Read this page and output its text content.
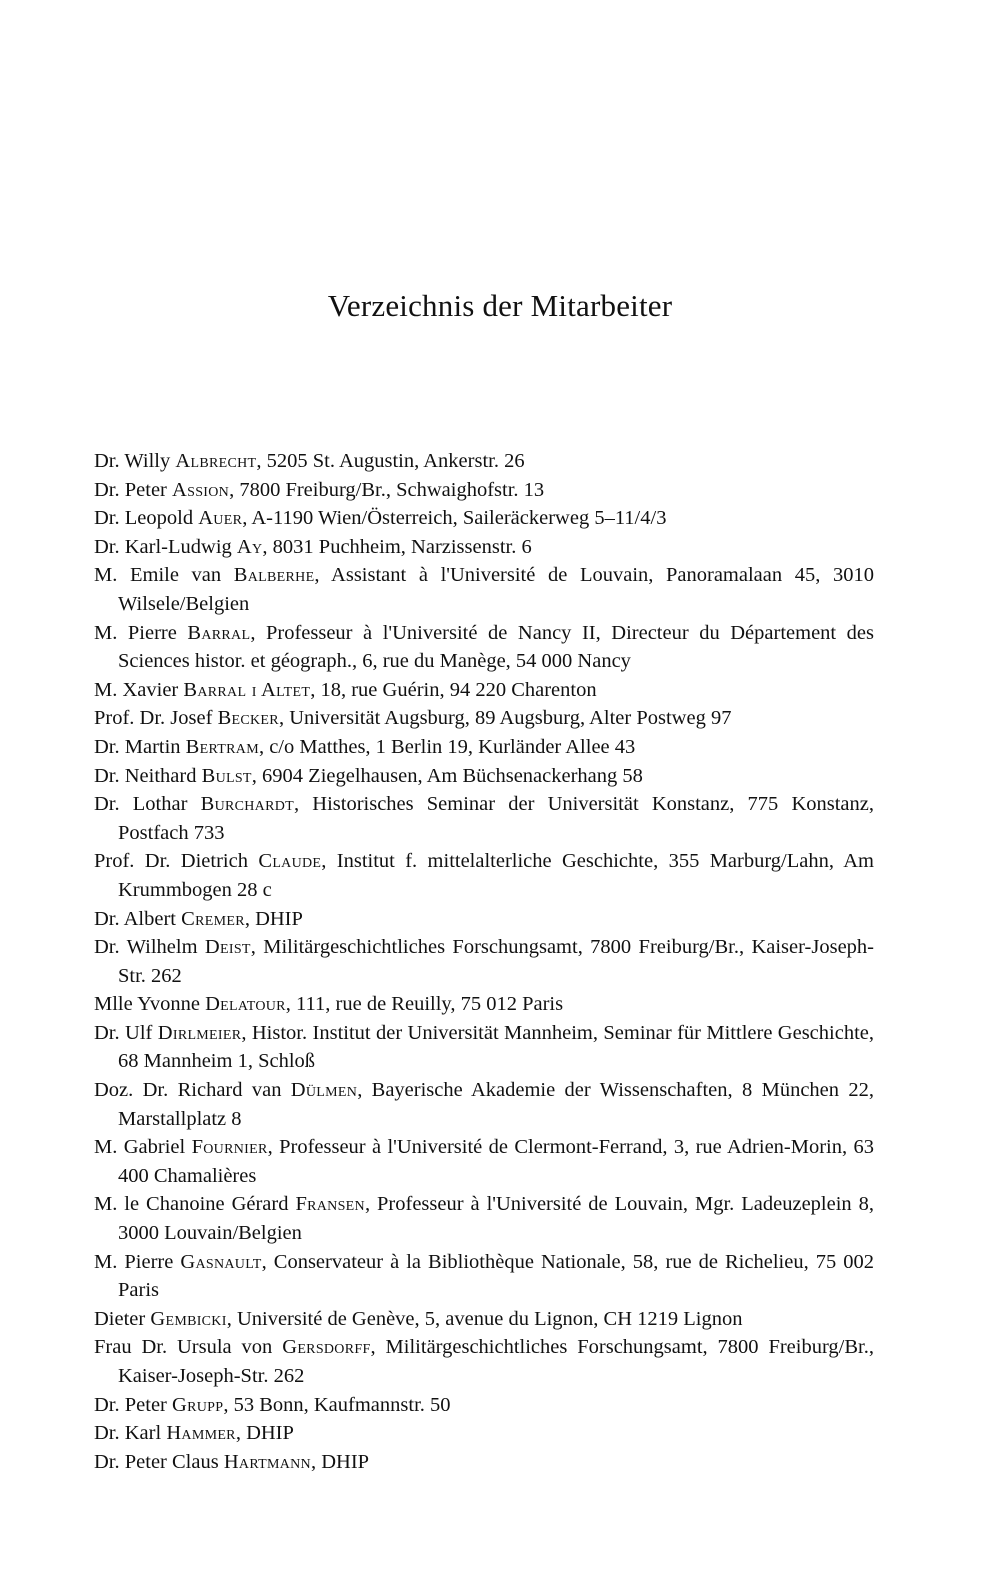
Verzeichnis der Mitarbeiter
Dr. Willy Albrecht, 5205 St. Augustin, Ankerstr. 26
Dr. Peter Assion, 7800 Freiburg/Br., Schwaighofstr. 13
Dr. Leopold Auer, A-1190 Wien/Österreich, Saileräckerweg 5–11/4/3
Dr. Karl-Ludwig Ay, 8031 Puchheim, Narzissenstr. 6
M. Emile van Balberhe, Assistant à l'Université de Louvain, Panoramalaan 45, 3010 Wilsele/Belgien
M. Pierre Barral, Professeur à l'Université de Nancy II, Directeur du Département des Sciences histor. et géograph., 6, rue du Manège, 54 000 Nancy
M. Xavier Barral i Altet, 18, rue Guérin, 94 220 Charenton
Prof. Dr. Josef Becker, Universität Augsburg, 89 Augsburg, Alter Postweg 97
Dr. Martin Bertram, c/o Matthes, 1 Berlin 19, Kurländer Allee 43
Dr. Neithard Bulst, 6904 Ziegelhausen, Am Büchsenackerhang 58
Dr. Lothar Burchardt, Historisches Seminar der Universität Konstanz, 775 Konstanz, Postfach 733
Prof. Dr. Dietrich Claude, Institut f. mittelalterliche Geschichte, 355 Marburg/Lahn, Am Krummbogen 28 c
Dr. Albert Cremer, DHIP
Dr. Wilhelm Deist, Militärgeschichtliches Forschungsamt, 7800 Freiburg/Br., Kaiser-Joseph-Str. 262
Mlle Yvonne Delatour, 111, rue de Reuilly, 75 012 Paris
Dr. Ulf Dirlmeier, Histor. Institut der Universität Mannheim, Seminar für Mittlere Geschichte, 68 Mannheim 1, Schloß
Doz. Dr. Richard van Dülmen, Bayerische Akademie der Wissenschaften, 8 München 22, Marstallplatz 8
M. Gabriel Fournier, Professeur à l'Université de Clermont-Ferrand, 3, rue Adrien-Morin, 63 400 Chamalières
M. le Chanoine Gérard Fransen, Professeur à l'Université de Louvain, Mgr. Ladeuzeplein 8, 3000 Louvain/Belgien
M. Pierre Gasnault, Conservateur à la Bibliothèque Nationale, 58, rue de Richelieu, 75 002 Paris
Dieter Gembicki, Université de Genève, 5, avenue du Lignon, CH 1219 Lignon
Frau Dr. Ursula von Gersdorff, Militärgeschichtliches Forschungsamt, 7800 Freiburg/Br., Kaiser-Joseph-Str. 262
Dr. Peter Grupp, 53 Bonn, Kaufmannstr. 50
Dr. Karl Hammer, DHIP
Dr. Peter Claus Hartmann, DHIP
